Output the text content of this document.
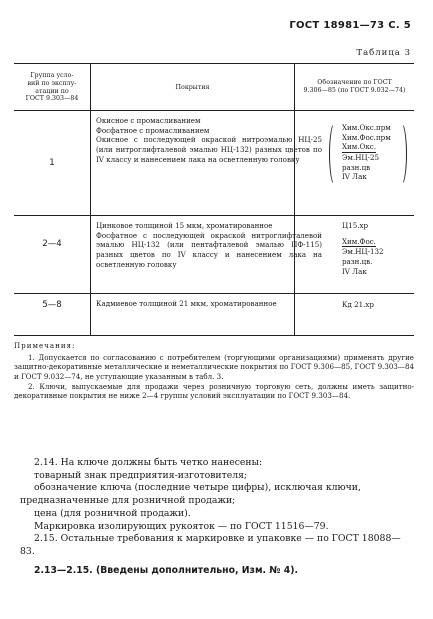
ГОСТ 18981—73 С. 5
Таблица 3
Группа усло-
вий по эксплу-
атации по
ГОСТ 9.303—84
Покрытия
Обозначение по ГОСТ
9.306—85 (по ГОСТ 9.032—74)
1
Окисное с промасливанием
Фосфатное с промасливанием
Окисное с последующей окраской нитроэмалью НЦ-25 (или нитроглифталевой эмалью НЦ-132) разных цветов по IV классу и нанесением лака на осветленную головку
Хим.Окс.прм
Хим.Фос.прм
Хим.Окс.
Эм.НЦ-25
разн.цв
IV Лак
2—4
Цинковое толщиной 15 мкм, хроматированное
Фосфатное с последующей окраской нитроглифталевой эмалью НЦ-132 (или пентафталевой эмалью ПФ-115) разных цветов по IV классу и нанесением лака на осветленную головку
Ц15.хр
Хим.Фос.
Эм.НЦ-132
разн.цв.
IV Лак
5—8	Кадмиевое толщиной 21 мкм, хроматированное	Кд 21.хр
Примечания:

1. Допускается по согласованию с потребителем (торгующими организациями) применять другие защитно-декоративные металлические и неметаллические покрытия по ГОСТ 9.306—85, ГОСТ 9.303—84 и ГОСТ 9.032—74, не уступающие указанным в табл. 3.

2. Ключи, выпускаемые для продажи через розничную торговую сеть, должны иметь защитно-декоративные покрытия не ниже 2—4 группы условий эксплуатации по ГОСТ 9.303—84.

2.14. На ключе должны быть четко нанесены:

товарный знак предприятия-изготовителя;

обозначение ключа (последние четыре цифры), исключая ключи, предназначенные для розничной продажи;

цена (для розничной продажи).

Маркировка изолирующих рукояток — по ГОСТ 11516—79.

2.15. Остальные требования к маркировке и упаковке — по ГОСТ 18088—83.

2.13—2.15. (Введены дополнительно, Изм. № 4).
